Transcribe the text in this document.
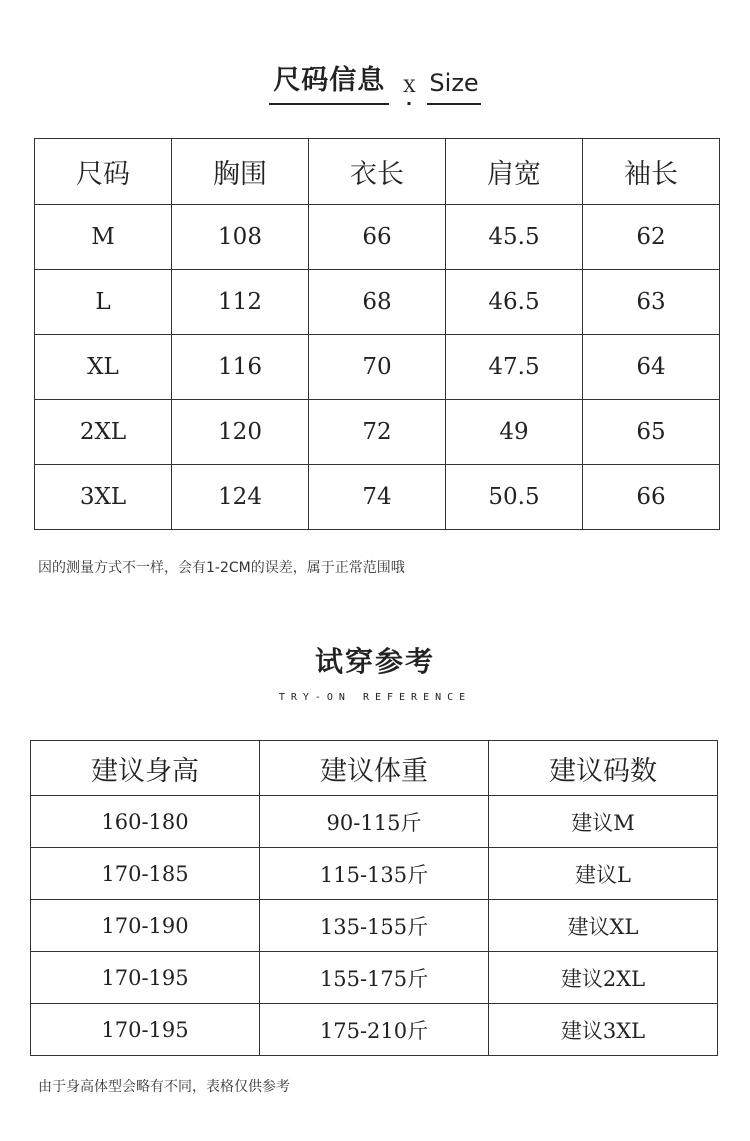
尺码信息 X Size
尺码	胸围	衣长	肩宽	袖长
M	108	66	45.5	62
L	112	68	46.5	63
XL	116	70	47.5	64
2XL	120	72	49	65
3XL	124	74	50.5	66
因的测量方式不一样，会有1-2CM的误差，属于正常范围哦
试穿参考
TRY-ON REFERENCE
建议身高	建议体重	建议码数
160-180	90-115斤	建议M
170-185	115-135斤	建议L
170-190	135-155斤	建议XL
170-195	155-175斤	建议2XL
170-195	175-210斤	建议3XL
由于身高体型会略有不同，表格仅供参考
